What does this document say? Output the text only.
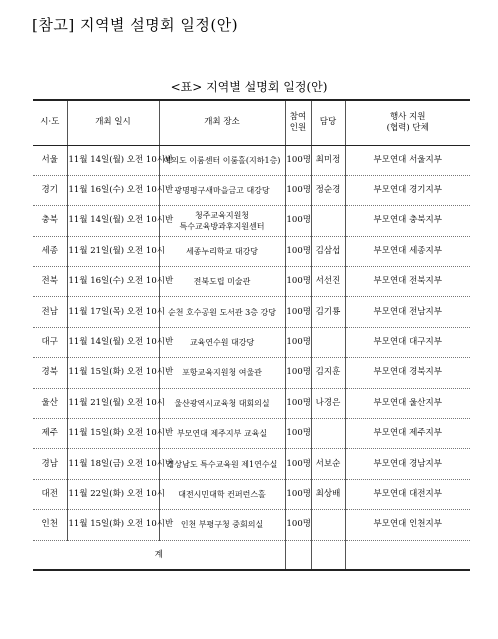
[참고] 지역별 설명회 일정(안)
<표> 지역별 설명회 일정(안)
시·도	개최 일시	개최 장소	참여
인원	담당	행사 지원
(협력) 단체

서울	11월 14일(월) 오전 10시반	여의도 이룸센터 이룸홀(지하1층)	100명	최미정	부모연대 서울지부
경기	11월 16일(수) 오전 10시반	광명평구새마을금고 대강당	100명	정순경	부모연대 경기지부
충북	11월 14일(월) 오전 10시반	청주교육지원청
특수교육방과후지원센터	100명		부모연대 충북지부
세종	11월 21일(월) 오전 10시	세종누리학교 대강당	100명	김삼섭	부모연대 세종지부
전북	11월 16일(수) 오전 10시반	전북도립 미술관	100명	서선진	부모연대 전북지부
전남	11월 17일(목) 오전 10시	순천 호수공원 도서관 3층 강당	100명	김기룡	부모연대 전남지부
대구	11월 14일(월) 오전 10시반	교육연수원 대강당	100명		부모연대 대구지부
경북	11월 15일(화) 오전 10시반	포항교육지원청 여울관	100명	김지훈	부모연대 경북지부
울산	11월 21일(월) 오전 10시	울산광역시교육청 대회의실	100명	나경은	부모연대 울산지부
제주	11월 15일(화) 오전 10시반	부모연대 제주지부 교육실	100명		부모연대 제주지부
경남	11월 18일(금) 오전 10시반	경상남도 특수교육원 제1연수실	100명	서보순	부모연대 경남지부
대전	11월 22일(화) 오전 10시	대전시민대학 컨퍼런스홀	100명	최상배	부모연대 대전지부
인천	11월 15일(화) 오전 10시반	인천 부평구청 중회의실	100명		부모연대 인천지부
계					
